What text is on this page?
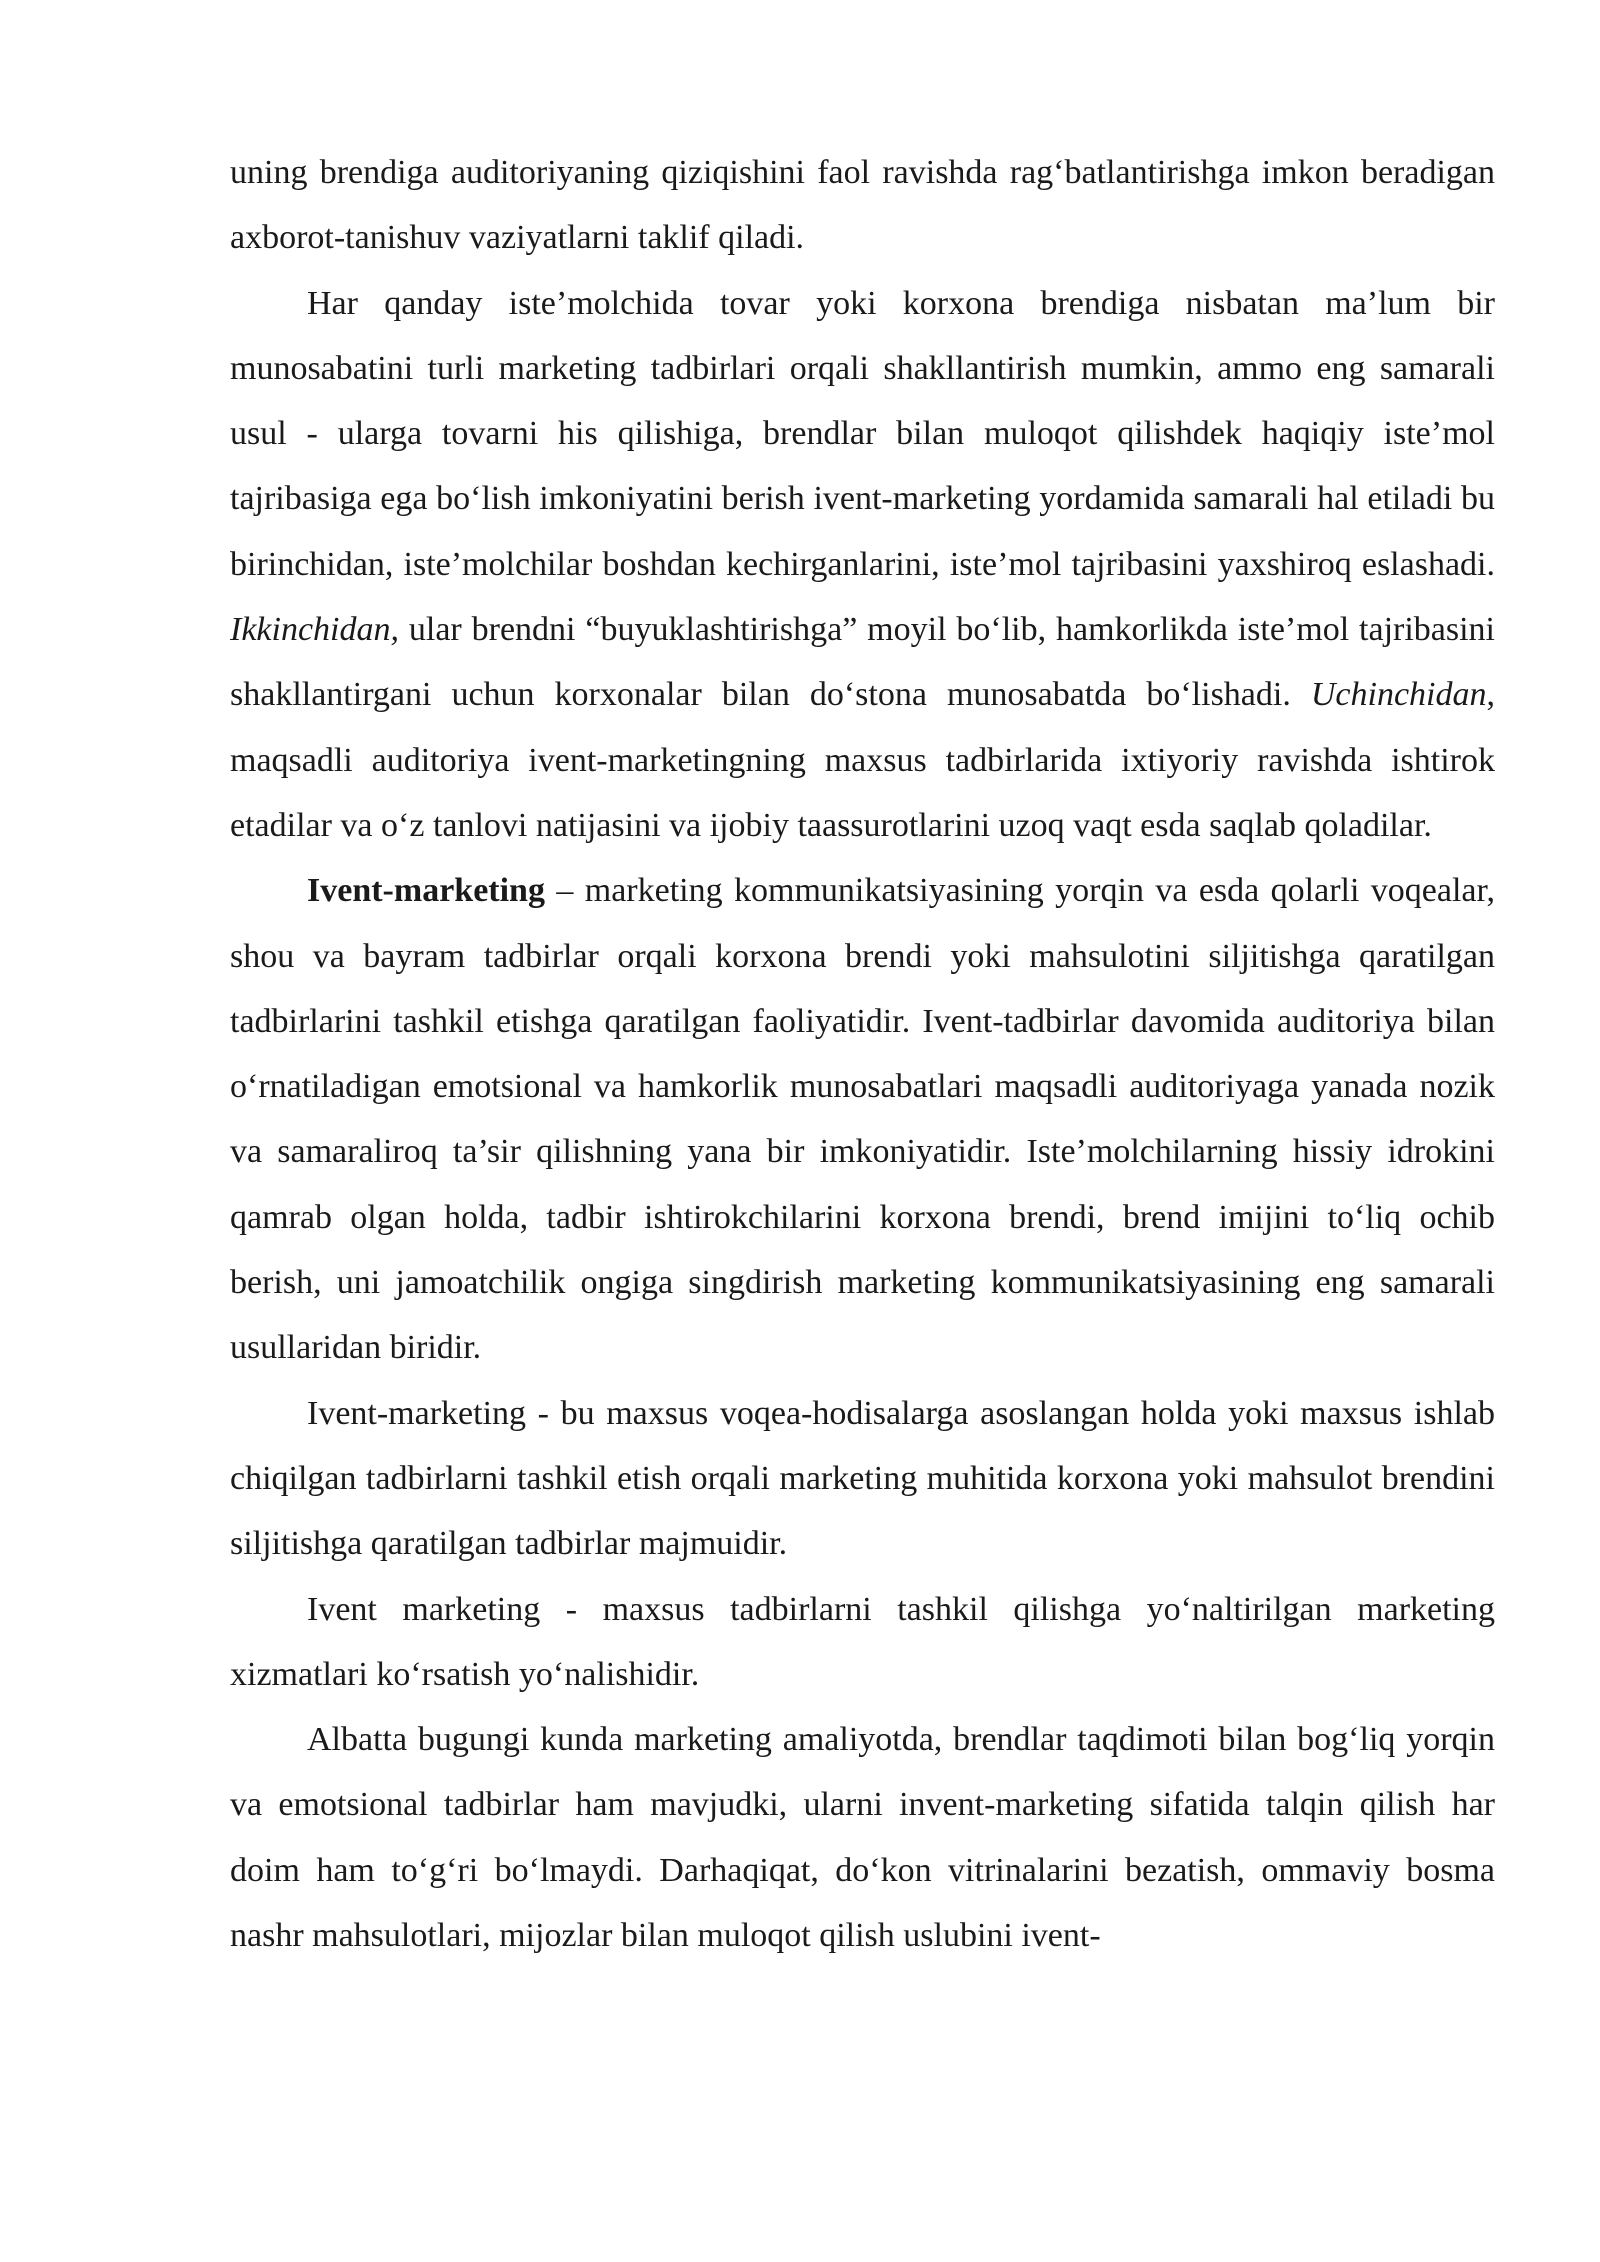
uning brendiga auditoriyaning qiziqishini faol ravishda rag‘batlantirishga imkon beradigan axborot-tanishuv vaziyatlarni taklif qiladi.

Har qanday iste’molchida tovar yoki korxona brendiga nisbatan ma’lum bir munosabatini turli marketing tadbirlari orqali shakllantirish mumkin, ammo eng samarali usul - ularga tovarni his qilishiga, brendlar bilan muloqot qilishdek haqiqiy iste’mol tajribasiga ega bo‘lish imkoniyatini berish ivent-marketing yordamida samarali hal etiladi bu birinchidan, iste’molchilar boshdan kechirganlarini, iste’mol tajribasini yaxshiroq eslashadi. Ikkinchidan, ular brendni “buyuklashtirishga” moyil bo‘lib, hamkorlikda iste’mol tajribasini shakllantirgani uchun korxonalar bilan do‘stona munosabatda bo‘lishadi. Uchinchidan, maqsadli auditoriya ivent-marketingning maxsus tadbirlarida ixtiyoriy ravishda ishtirok etadilar va o‘z tanlovi natijasini va ijobiy taassurotlarini uzoq vaqt esda saqlab qoladilar.

Ivent-marketing – marketing kommunikatsiyasining yorqin va esda qolarli voqealar, shou va bayram tadbirlar orqali korxona brendi yoki mahsulotini siljitishga qaratilgan tadbirlarini tashkil etishga qaratilgan faoliyatidir. Ivent-tadbirlar davomida auditoriya bilan o‘rnatiladigan emotsional va hamkorlik munosabatlari maqsadli auditoriyaga yanada nozik va samaraliroq ta’sir qilishning yana bir imkoniyatidir. Iste’molchilarning hissiy idrokini qamrab olgan holda, tadbir ishtirokchilarini korxona brendi, brend imijini to‘liq ochib berish, uni jamoatchilik ongiga singdirish marketing kommunikatsiyasining eng samarali usullaridan biridir.

Ivent-marketing - bu maxsus voqea-hodisalarga asoslangan holda yoki maxsus ishlab chiqilgan tadbirlarni tashkil etish orqali marketing muhitida korxona yoki mahsulot brendini siljitishga qaratilgan tadbirlar majmuidir.

Ivent marketing - maxsus tadbirlarni tashkil qilishga yo‘naltirilgan marketing xizmatlari ko‘rsatish yo‘nalishidir.

Albatta bugungi kunda marketing amaliyotda, brendlar taqdimoti bilan bog‘liq yorqin va emotsional tadbirlar ham mavjudki, ularni invent-marketing sifatida talqin qilish har doim ham to‘g‘ri bo‘lmaydi. Darhaqiqat, do‘kon vitrinalarini bezatish, ommaviy bosma nashr mahsulotlari, mijozlar bilan muloqot qilish uslubini ivent-
